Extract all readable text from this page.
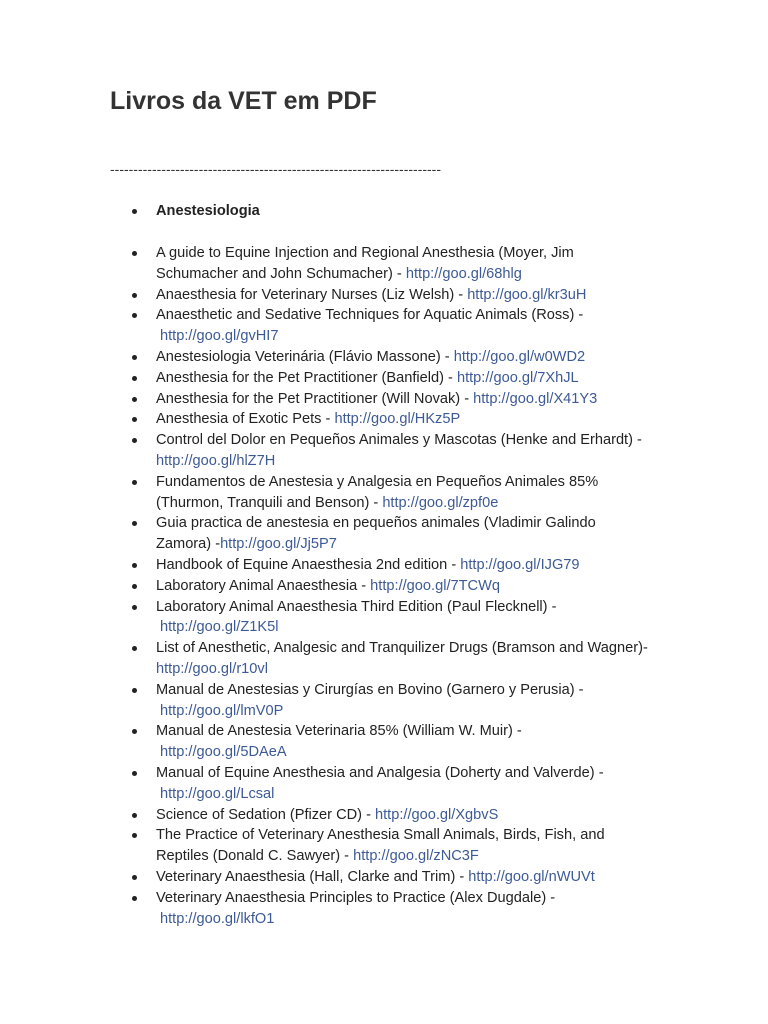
Livros da VET em PDF
-----------------------------------------------------------------------
Anestesiologia
A guide to Equine Injection and Regional Anesthesia (Moyer, Jim Schumacher and John Schumacher) - http://goo.gl/68hlg
Anaesthesia for Veterinary Nurses (Liz Welsh) - http://goo.gl/kr3uH
Anaesthetic and Sedative Techniques for Aquatic Animals (Ross) -
http://goo.gl/gvHI7
Anestesiologia Veterinária (Flávio Massone) - http://goo.gl/w0WD2
Anesthesia for the Pet Practitioner (Banfield) - http://goo.gl/7XhJL
Anesthesia for the Pet Practitioner (Will Novak) - http://goo.gl/X41Y3
Anesthesia of Exotic Pets - http://goo.gl/HKz5P
Control del Dolor en Pequeños Animales y Mascotas (Henke and Erhardt) -http://goo.gl/hlZ7H
Fundamentos de Anestesia y Analgesia en Pequeños Animales 85% (Thurmon, Tranquili and Benson) - http://goo.gl/zpf0e
Guia practica de anestesia en pequeños animales (Vladimir Galindo Zamora) -http://goo.gl/Jj5P7
Handbook of Equine Anaesthesia 2nd edition - http://goo.gl/IJG79
Laboratory Animal Anaesthesia - http://goo.gl/7TCWq
Laboratory Animal Anaesthesia Third Edition (Paul Flecknell) -
http://goo.gl/Z1K5l
List of Anesthetic, Analgesic and Tranquilizer Drugs (Bramson and Wagner)-http://goo.gl/r10vl
Manual de Anestesias y Cirurgías en Bovino (Garnero y Perusia) -
http://goo.gl/lmV0P
Manual de Anestesia Veterinaria 85% (William W. Muir) -
http://goo.gl/5DAeA
Manual of Equine Anesthesia and Analgesia (Doherty and Valverde) -
http://goo.gl/Lcsal
Science of Sedation (Pfizer CD) - http://goo.gl/XgbvS
The Practice of Veterinary Anesthesia Small Animals, Birds, Fish, and Reptiles (Donald C. Sawyer) - http://goo.gl/zNC3F
Veterinary Anaesthesia (Hall, Clarke and Trim) - http://goo.gl/nWUVt
Veterinary Anaesthesia Principles to Practice (Alex Dugdale) -
http://goo.gl/lkfO1
